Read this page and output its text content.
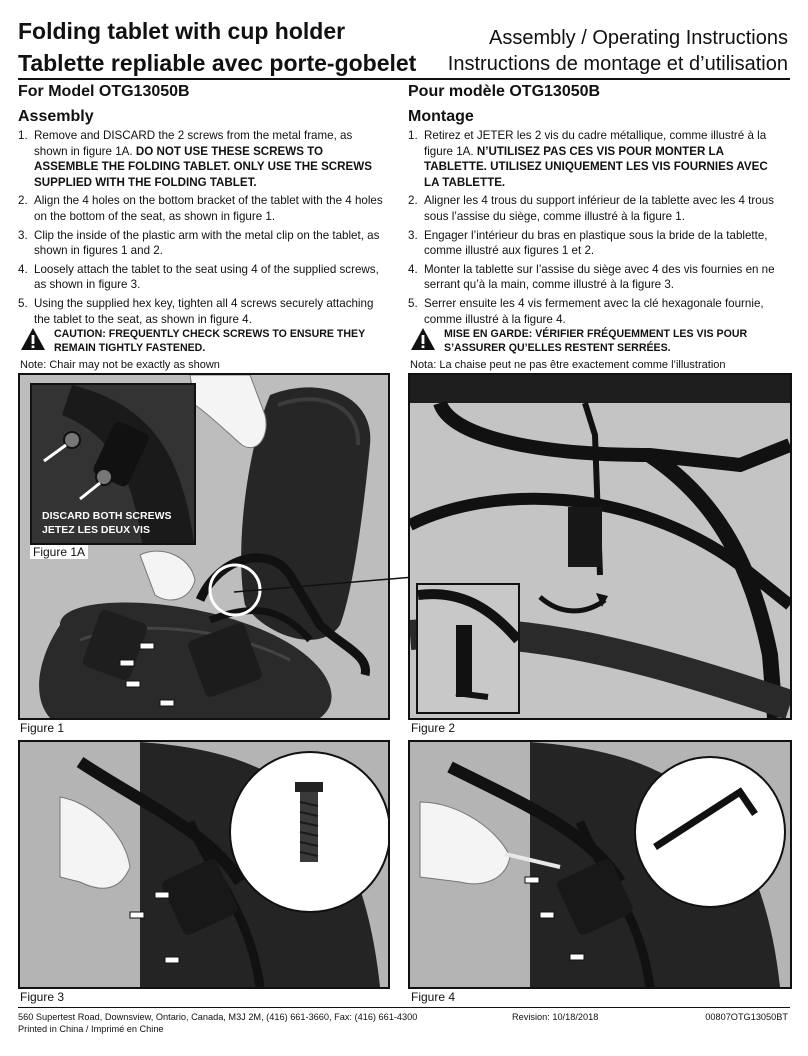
Folding tablet with cup holder
Tablette repliable avec porte-gobelet
Assembly / Operating Instructions
Instructions de montage et d’utilisation
For Model OTG13050B
Assembly
1. Remove and DISCARD the 2 screws from the metal frame, as shown in figure 1A. DO NOT USE THESE SCREWS TO ASSEMBLE THE FOLDING TABLET. ONLY USE THE SCREWS SUPPLIED WITH THE FOLDING TABLET.
2. Align the 4 holes on the bottom bracket of the tablet with the 4 holes on the bottom of the seat, as shown in figure 1.
3. Clip the inside of the plastic arm with the metal clip on the tablet, as shown in figures 1 and 2.
4. Loosely attach the tablet to the seat using 4 of the supplied screws, as shown in figure 3.
5. Using the supplied hex key, tighten all 4 screws securely attaching the tablet to the seat, as shown in figure 4.
CAUTION: FREQUENTLY CHECK SCREWS TO ENSURE THEY REMAIN TIGHTLY FASTENED.
Note: Chair may not be exactly as shown
Pour modèle OTG13050B
Montage
1. Retirez et JETER les 2 vis du cadre métallique, comme illustré à la figure 1A. N’UTILISEZ PAS CES VIS POUR MONTER LA TABLETTE. UTILISEZ UNIQUEMENT LES VIS FOURNIES AVEC LA TABLETTE.
2. Aligner les 4 trous du support inférieur de la tablette avec les 4 trous sous l’assise du siège, comme illustré à la figure 1.
3. Engager l’intérieur du bras en plastique sous la bride de la tablette, comme illustré aux figures 1 et 2.
4. Monter la tablette sur l’assise du siège avec 4 des vis fournies en ne serrant qu’à la main, comme illustré à la figure 3.
5. Serrer ensuite les 4 vis fermement avec la clé hexagonale fournie, comme illustré à la figure 4.
MISE EN GARDE: VÉRIFIER FRÉQUEMMENT LES VIS POUR S’ASSURER QU’ELLES RESTENT SERRÉES.
Nota: La chaise peut ne pas être exactement comme l’illustration
DISCARD BOTH SCREWS
JETEZ LES DEUX VIS
Figure 1A
Figure 1	Figure 2
Figure 3	Figure 4
560 Supertest Road, Downsview, Ontario, Canada, M3J 2M, (416) 661-3660, Fax: (416) 661-4300
Printed in China / Imprimé en Chine
Revision: 10/18/2018	00807OTG13050BT
